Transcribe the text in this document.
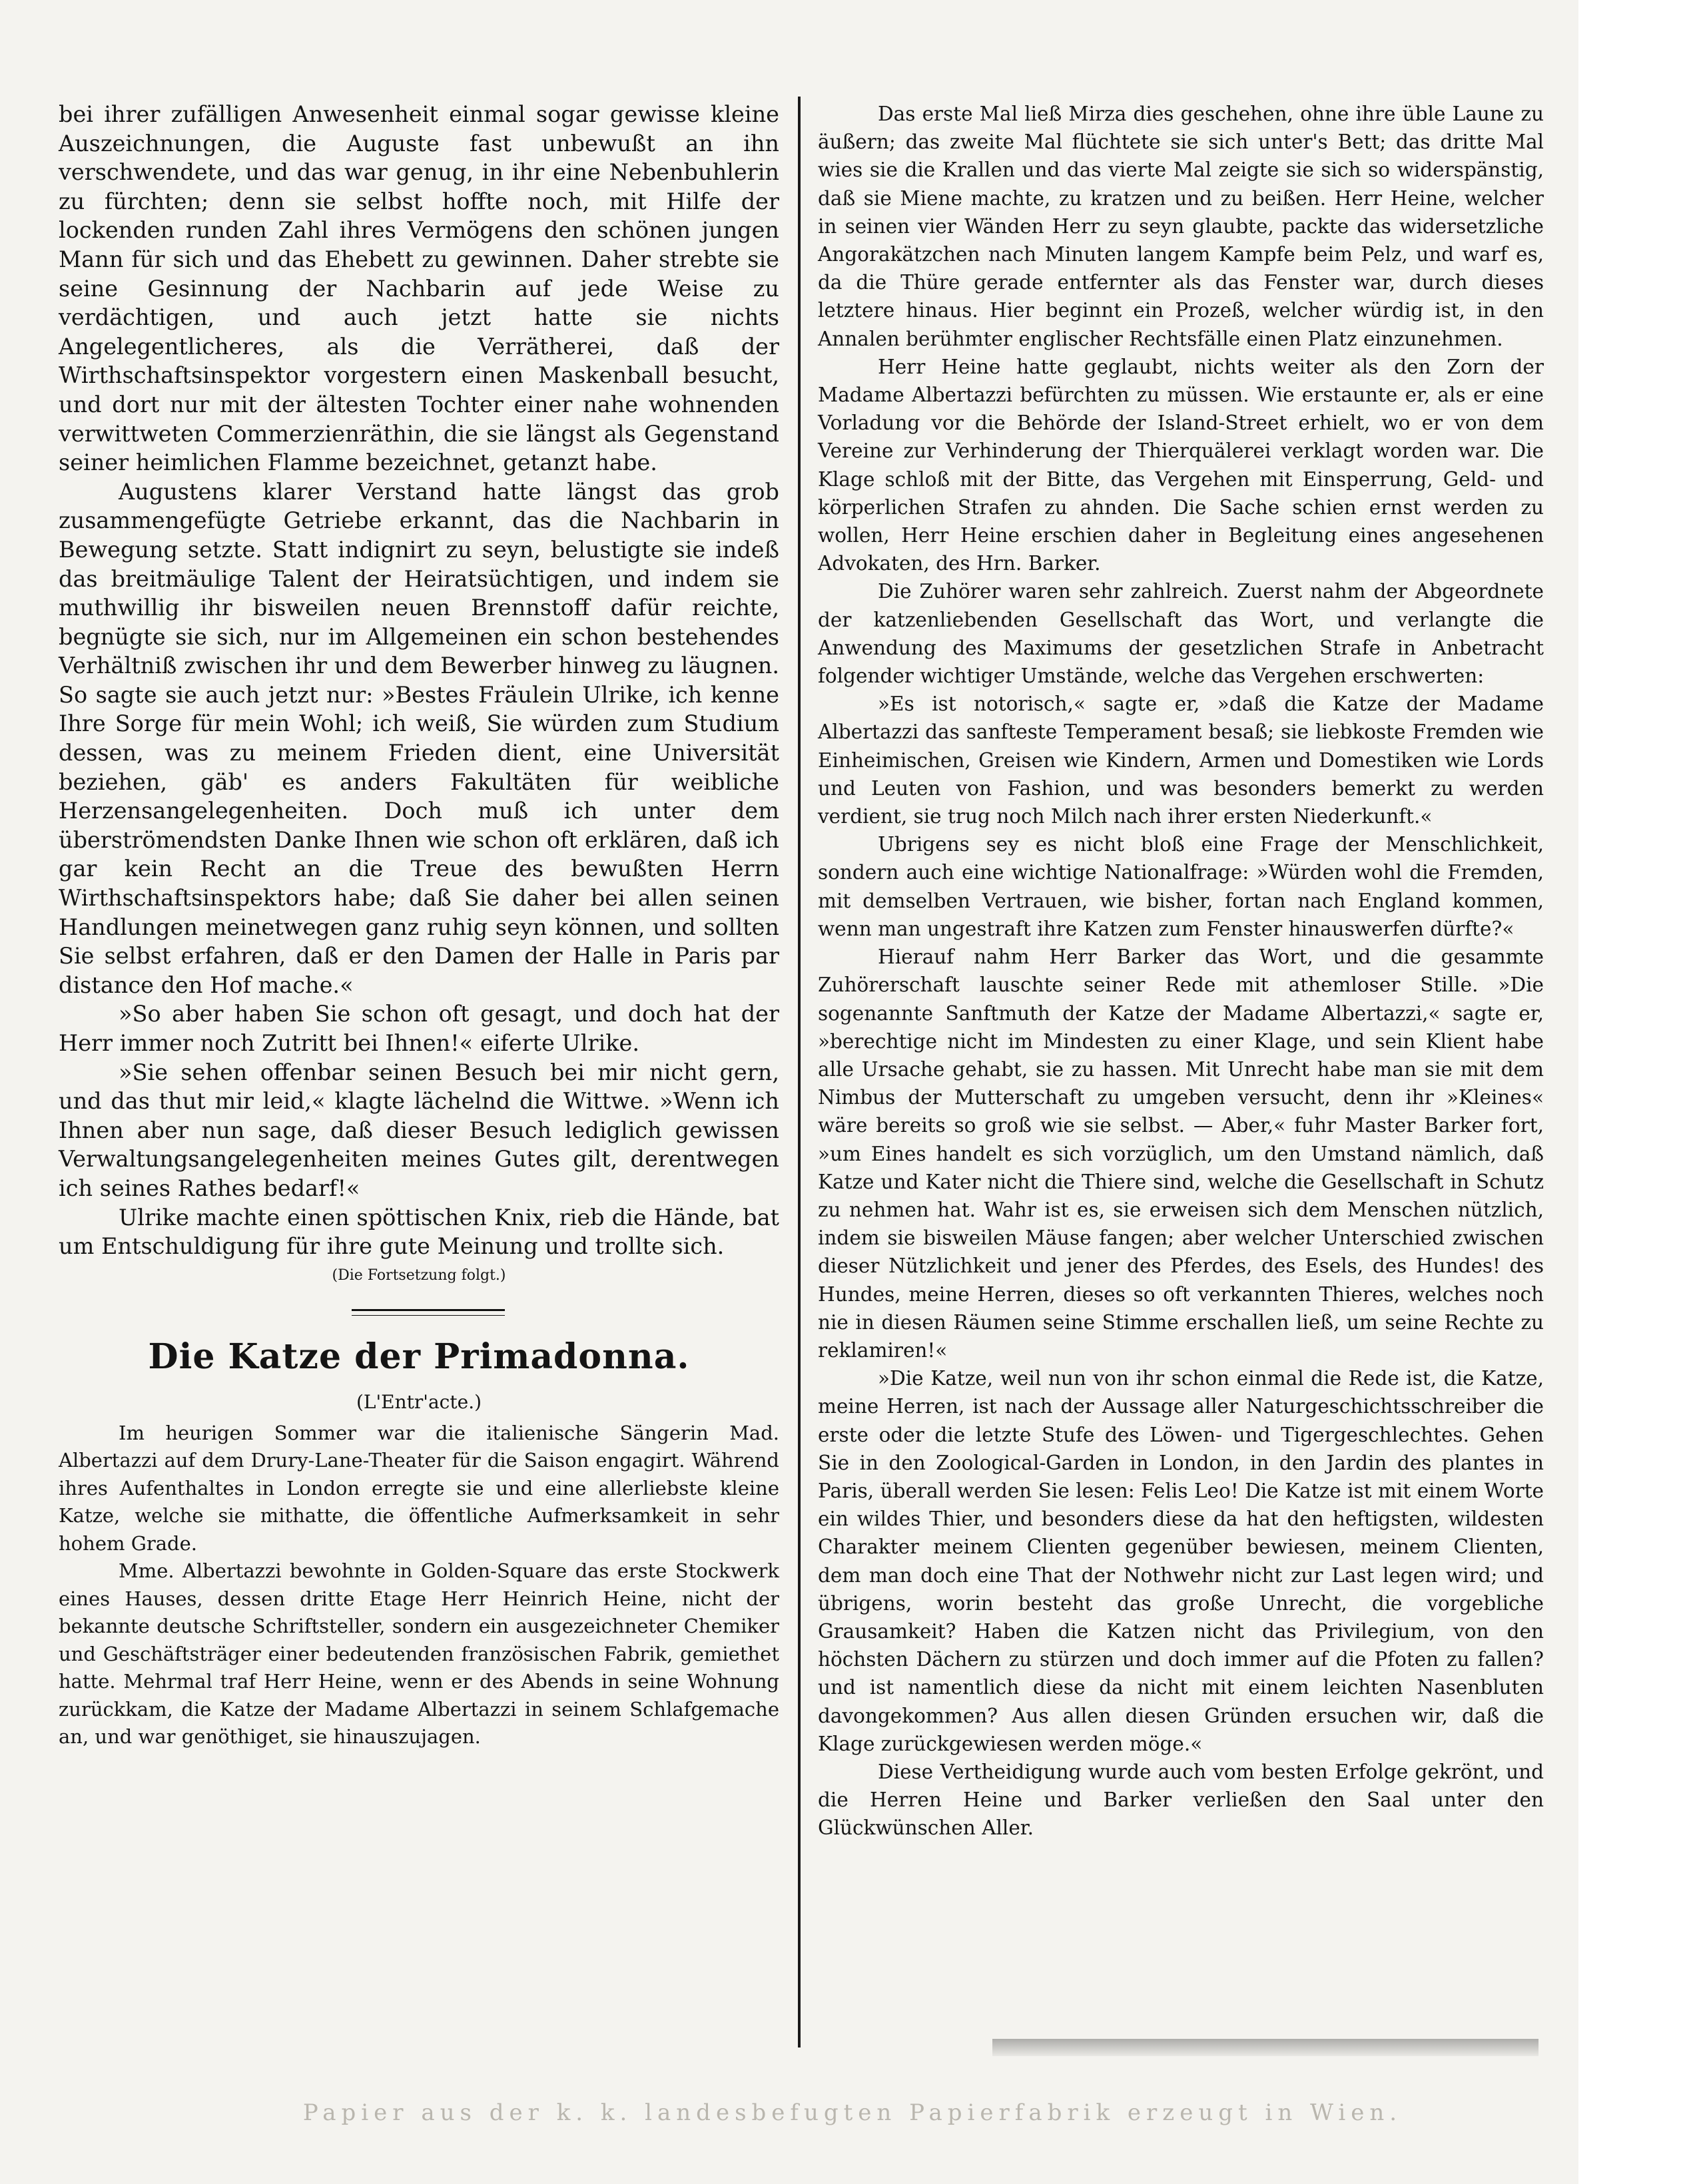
bei ihrer zufälligen Anwesenheit einmal sogar gewisse kleine Auszeichnungen, die Auguste fast unbewußt an ihn verschwendete, und das war genug, in ihr eine Nebenbuhlerin zu fürchten; denn sie selbst hoffte noch, mit Hilfe der lockenden runden Zahl ihres Vermögens den schönen jungen Mann für sich und das Ehebett zu gewinnen. Daher strebte sie seine Gesinnung der Nachbarin auf jede Weise zu verdächtigen, und auch jetzt hatte sie nichts Angelegentlicheres, als die Verrätherei, daß der Wirthschaftsinspektor vorgestern einen Maskenball besucht, und dort nur mit der ältesten Tochter einer nahe wohnenden verwittweten Commerzienräthin, die sie längst als Gegenstand seiner heimlichen Flamme bezeichnet, getanzt habe.

Augustens klarer Verstand hatte längst das grob zusammengefügte Getriebe erkannt, das die Nachbarin in Bewegung setzte. Statt indignirt zu seyn, belustigte sie indeß das breitmäulige Talent der Heiratsüchtigen, und indem sie muthwillig ihr bisweilen neuen Brennstoff dafür reichte, begnügte sie sich, nur im Allgemeinen ein schon bestehendes Verhältniß zwischen ihr und dem Bewerber hinweg zu läugnen. So sagte sie auch jetzt nur: »Bestes Fräulein Ulrike, ich kenne Ihre Sorge für mein Wohl; ich weiß, Sie würden zum Studium dessen, was zu meinem Frieden dient, eine Universität beziehen, gäb' es anders Fakultäten für weibliche Herzensangelegenheiten. Doch muß ich unter dem überströmendsten Danke Ihnen wie schon oft erklären, daß ich gar kein Recht an die Treue des bewußten Herrn Wirthschaftsinspektors habe; daß Sie daher bei allen seinen Handlungen meinetwegen ganz ruhig seyn können, und sollten Sie selbst erfahren, daß er den Damen der Halle in Paris par distance den Hof mache.«

»So aber haben Sie schon oft gesagt, und doch hat der Herr immer noch Zutritt bei Ihnen!« eiferte Ulrike.

»Sie sehen offenbar seinen Besuch bei mir nicht gern, und das thut mir leid,« klagte lächelnd die Wittwe. »Wenn ich Ihnen aber nun sage, daß dieser Besuch lediglich gewissen Verwaltungsangelegenheiten meines Gutes gilt, derentwegen ich seines Rathes bedarf!«

Ulrike machte einen spöttischen Knix, rieb die Hände, bat um Entschuldigung für ihre gute Meinung und trollte sich.

(Die Fortsetzung folgt.)

Die Katze der Primadonna.

(L'Entr'acte.)

Im heurigen Sommer war die italienische Sängerin Mad. Albertazzi auf dem Drury-Lane-Theater für die Saison engagirt. Während ihres Aufenthaltes in London erregte sie und eine allerliebste kleine Katze, welche sie mithatte, die öffentliche Aufmerksamkeit in sehr hohem Grade.

Mme. Albertazzi bewohnte in Golden-Square das erste Stockwerk eines Hauses, dessen dritte Etage Herr Heinrich Heine, nicht der bekannte deutsche Schriftsteller, sondern ein ausgezeichneter Chemiker und Geschäftsträger einer bedeutenden französischen Fabrik, gemiethet hatte. Mehrmal traf Herr Heine, wenn er des Abends in seine Wohnung zurückkam, die Katze der Madame Albertazzi in seinem Schlafgemache an, und war genöthiget, sie hinauszujagen.

Das erste Mal ließ Mirza dies geschehen, ohne ihre üble Laune zu äußern; das zweite Mal flüchtete sie sich unter's Bett; das dritte Mal wies sie die Krallen und das vierte Mal zeigte sie sich so widerspänstig, daß sie Miene machte, zu kratzen und zu beißen. Herr Heine, welcher in seinen vier Wänden Herr zu seyn glaubte, packte das widersetzliche Angorakätzchen nach Minuten langem Kampfe beim Pelz, und warf es, da die Thüre gerade entfernter als das Fenster war, durch dieses letztere hinaus. Hier beginnt ein Prozeß, welcher würdig ist, in den Annalen berühmter englischer Rechtsfälle einen Platz einzunehmen.

Herr Heine hatte geglaubt, nichts weiter als den Zorn der Madame Albertazzi befürchten zu müssen. Wie erstaunte er, als er eine Vorladung vor die Behörde der Island-Street erhielt, wo er von dem Vereine zur Verhinderung der Thierquälerei verklagt worden war. Die Klage schloß mit der Bitte, das Vergehen mit Einsperrung, Geld- und körperlichen Strafen zu ahnden. Die Sache schien ernst werden zu wollen, Herr Heine erschien daher in Begleitung eines angesehenen Advokaten, des Hrn. Barker.

Die Zuhörer waren sehr zahlreich. Zuerst nahm der Abgeordnete der katzenliebenden Gesellschaft das Wort, und verlangte die Anwendung des Maximums der gesetzlichen Strafe in Anbetracht folgender wichtiger Umstände, welche das Vergehen erschwerten:

»Es ist notorisch,« sagte er, »daß die Katze der Madame Albertazzi das sanfteste Temperament besaß; sie liebkoste Fremden wie Einheimischen, Greisen wie Kindern, Armen und Domestiken wie Lords und Leuten von Fashion, und was besonders bemerkt zu werden verdient, sie trug noch Milch nach ihrer ersten Niederkunft.«

Ubrigens sey es nicht bloß eine Frage der Menschlichkeit, sondern auch eine wichtige Nationalfrage: »Würden wohl die Fremden, mit demselben Vertrauen, wie bisher, fortan nach England kommen, wenn man ungestraft ihre Katzen zum Fenster hinauswerfen dürfte?«

Hierauf nahm Herr Barker das Wort, und die gesammte Zuhörerschaft lauschte seiner Rede mit athemloser Stille. »Die sogenannte Sanftmuth der Katze der Madame Albertazzi,« sagte er, »berechtige nicht im Mindesten zu einer Klage, und sein Klient habe alle Ursache gehabt, sie zu hassen. Mit Unrecht habe man sie mit dem Nimbus der Mutterschaft zu umgeben versucht, denn ihr »Kleines« wäre bereits so groß wie sie selbst. — Aber,« fuhr Master Barker fort, »um Eines handelt es sich vorzüglich, um den Umstand nämlich, daß Katze und Kater nicht die Thiere sind, welche die Gesellschaft in Schutz zu nehmen hat. Wahr ist es, sie erweisen sich dem Menschen nützlich, indem sie bisweilen Mäuse fangen; aber welcher Unterschied zwischen dieser Nützlichkeit und jener des Pferdes, des Esels, des Hundes! des Hundes, meine Herren, dieses so oft verkannten Thieres, welches noch nie in diesen Räumen seine Stimme erschallen ließ, um seine Rechte zu reklamiren!«

»Die Katze, weil nun von ihr schon einmal die Rede ist, die Katze, meine Herren, ist nach der Aussage aller Naturgeschichtsschreiber die erste oder die letzte Stufe des Löwen- und Tigergeschlechtes. Gehen Sie in den Zoological-Garden in London, in den Jardin des plantes in Paris, überall werden Sie lesen: Felis Leo! Die Katze ist mit einem Worte ein wildes Thier, und besonders diese da hat den heftigsten, wildesten Charakter meinem Clienten gegenüber bewiesen, meinem Clienten, dem man doch eine That der Nothwehr nicht zur Last legen wird; und übrigens, worin besteht das große Unrecht, die vorgebliche Grausamkeit? Haben die Katzen nicht das Privilegium, von den höchsten Dächern zu stürzen und doch immer auf die Pfoten zu fallen? und ist namentlich diese da nicht mit einem leichten Nasenbluten davongekommen? Aus allen diesen Gründen ersuchen wir, daß die Klage zurückgewiesen werden möge.«

Diese Vertheidigung wurde auch vom besten Erfolge gekrönt, und die Herren Heine und Barker verließen den Saal unter den Glückwünschen Aller.

Papier aus der k. k. landesbefugten Papierfabrik erzeugt in Wien.
